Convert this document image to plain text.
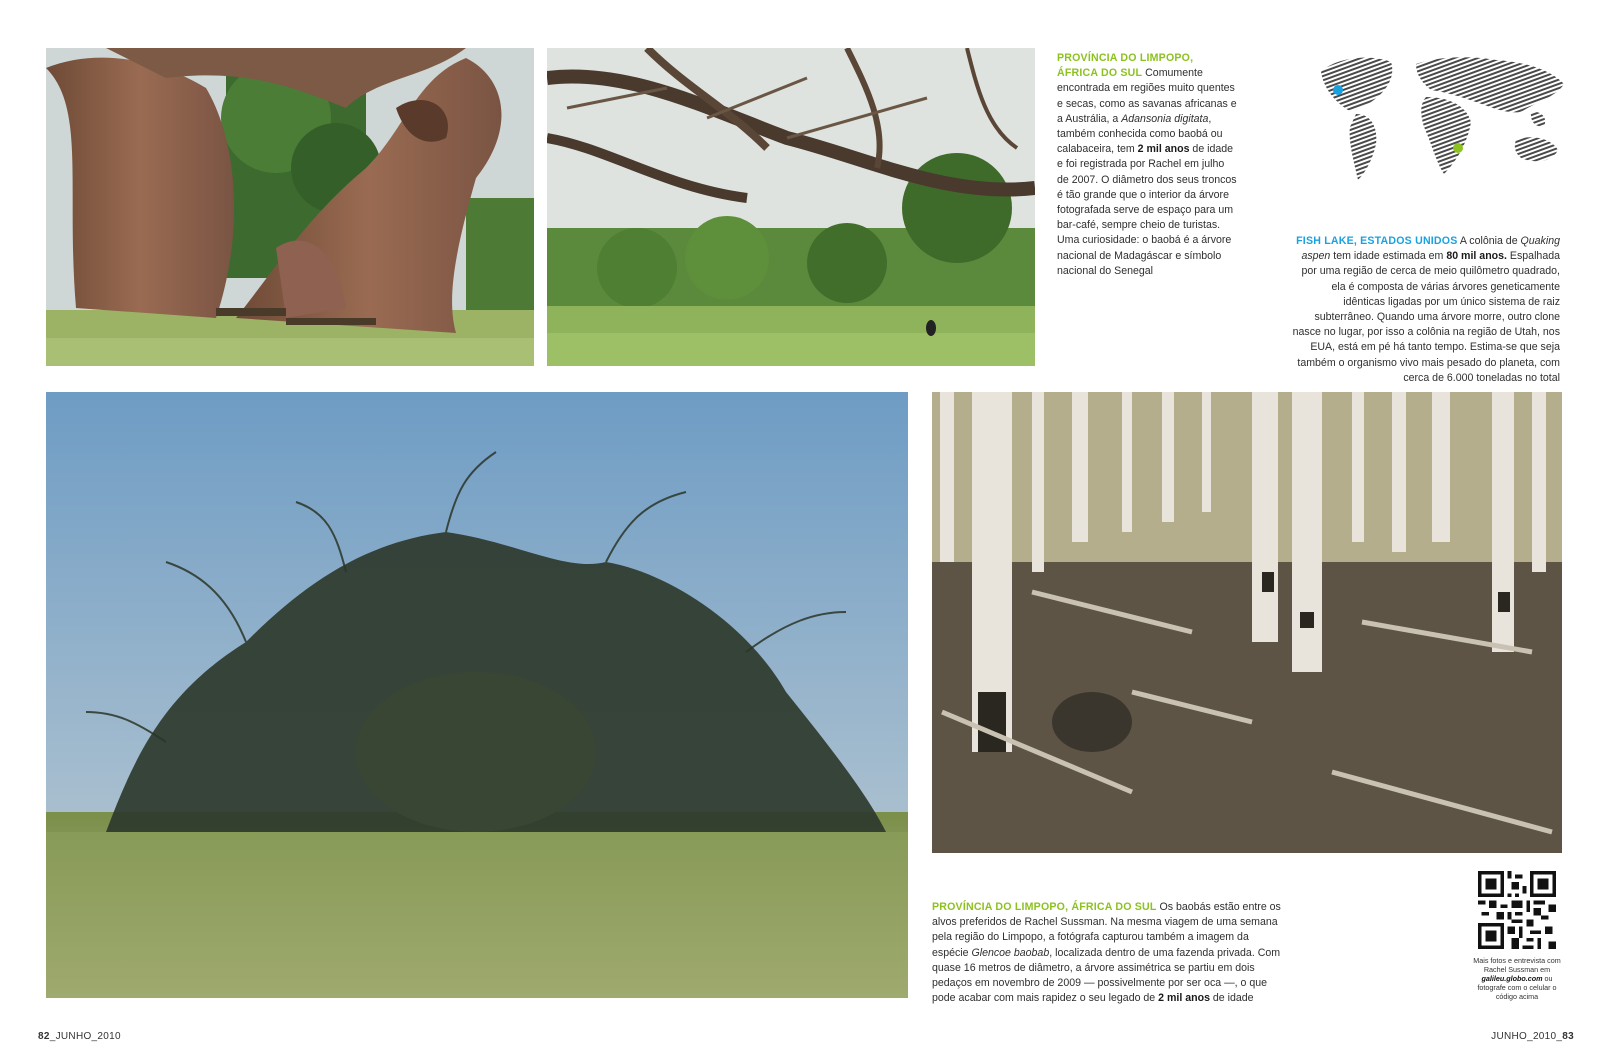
PROVÍNCIA DO LIMPOPO, ÁFRICA DO SUL Comumente encontrada em regiões muito quentes e secas, como as savanas africanas e a Austrália, a Adansonia digitata, também conhecida como baobá ou calabaceira, tem 2 mil anos de idade e foi registrada por Rachel em julho de 2007. O diâmetro dos seus troncos é tão grande que o interior da árvore fotografada serve de espaço para um bar-café, sempre cheio de turistas. Uma curiosidade: o baobá é a árvore nacional de Madagáscar e símbolo nacional do Senegal
FISH LAKE, ESTADOS UNIDOS A colônia de Quaking aspen tem idade estimada em 80 mil anos. Espalhada por uma região de cerca de meio quilômetro quadrado, ela é composta de várias árvores geneticamente idênticas ligadas por um único sistema de raiz subterrâneo. Quando uma árvore morre, outro clone nasce no lugar, por isso a colônia na região de Utah, nos EUA, está em pé há tanto tempo. Estima-se que seja também o organismo vivo mais pesado do planeta, com cerca de 6.000 toneladas no total
PROVÍNCIA DO LIMPOPO, ÁFRICA DO SUL Os baobás estão entre os alvos preferidos de Rachel Sussman. Na mesma viagem de uma semana pela região do Limpopo, a fotógrafa capturou também a imagem da espécie Glencoe baobab, localizada dentro de uma fazenda privada. Com quase 16 metros de diâmetro, a árvore assimétrica se partiu em dois pedaços em novembro de 2009 — possivelmente por ser oca —, o que pode acabar com mais rapidez o seu legado de 2 mil anos de idade
Mais fotos e entrevista com Rachel Sussman em galileu.globo.com ou fotografe com o celular o código acima
82_JUNHO_2010	JUNHO_2010_83
